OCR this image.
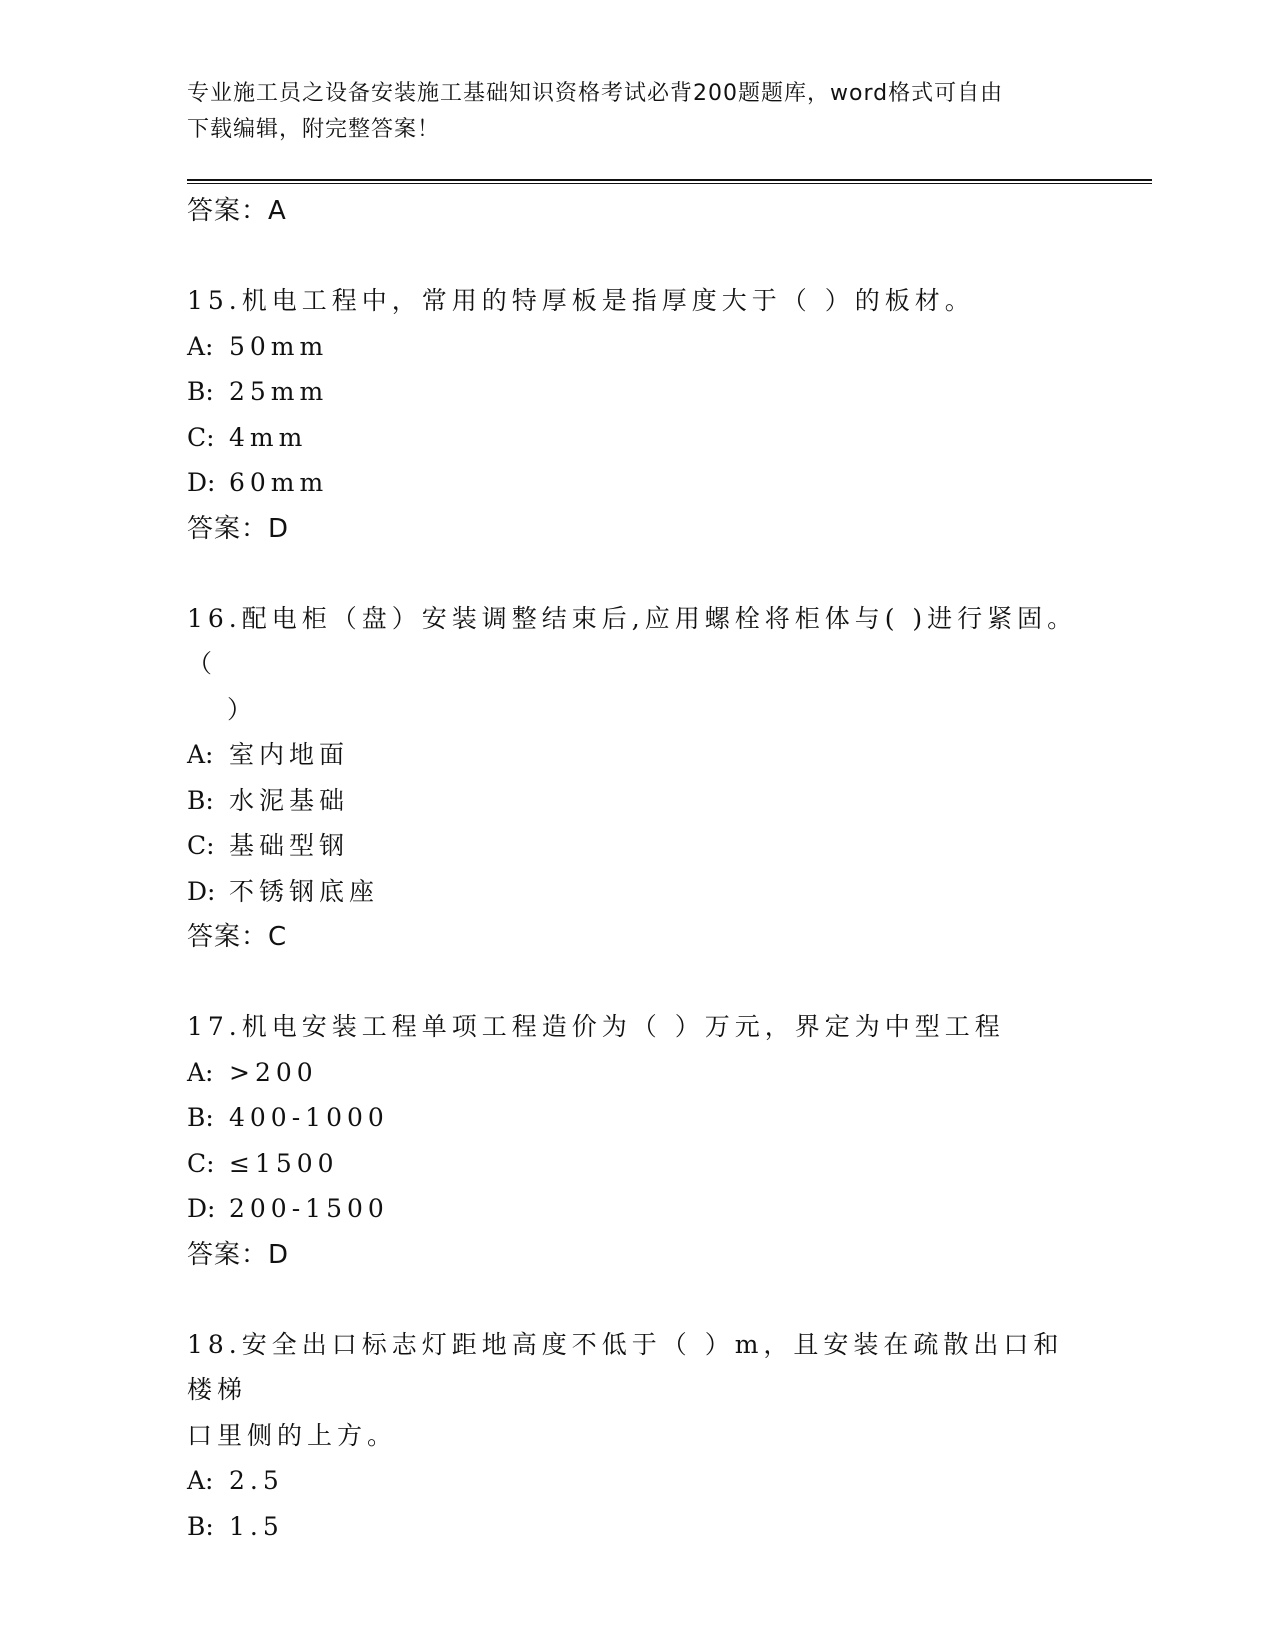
专业施工员之设备安装施工基础知识资格考试必背200题题库，word格式可自由
下载编辑，附完整答案！
答案：A
15.机电工程中，常用的特厚板是指厚度大于（ ）的板材。
A: 50mm
B: 25mm
C: 4mm
D: 60mm
答案：D
16.配电柜（盘）安装调整结束后,应用螺栓将柜体与( )进行紧固。（
）
A: 室内地面
B: 水泥基础
C: 基础型钢
D: 不锈钢底座
答案：C
17.机电安装工程单项工程造价为（ ）万元，界定为中型工程
A: >200
B: 400-1000
C: ≤1500
D: 200-1500
答案：D
18.安全出口标志灯距地高度不低于（ ）m，且安装在疏散出口和楼梯
口里侧的上方。
A: 2.5
B: 1.5
